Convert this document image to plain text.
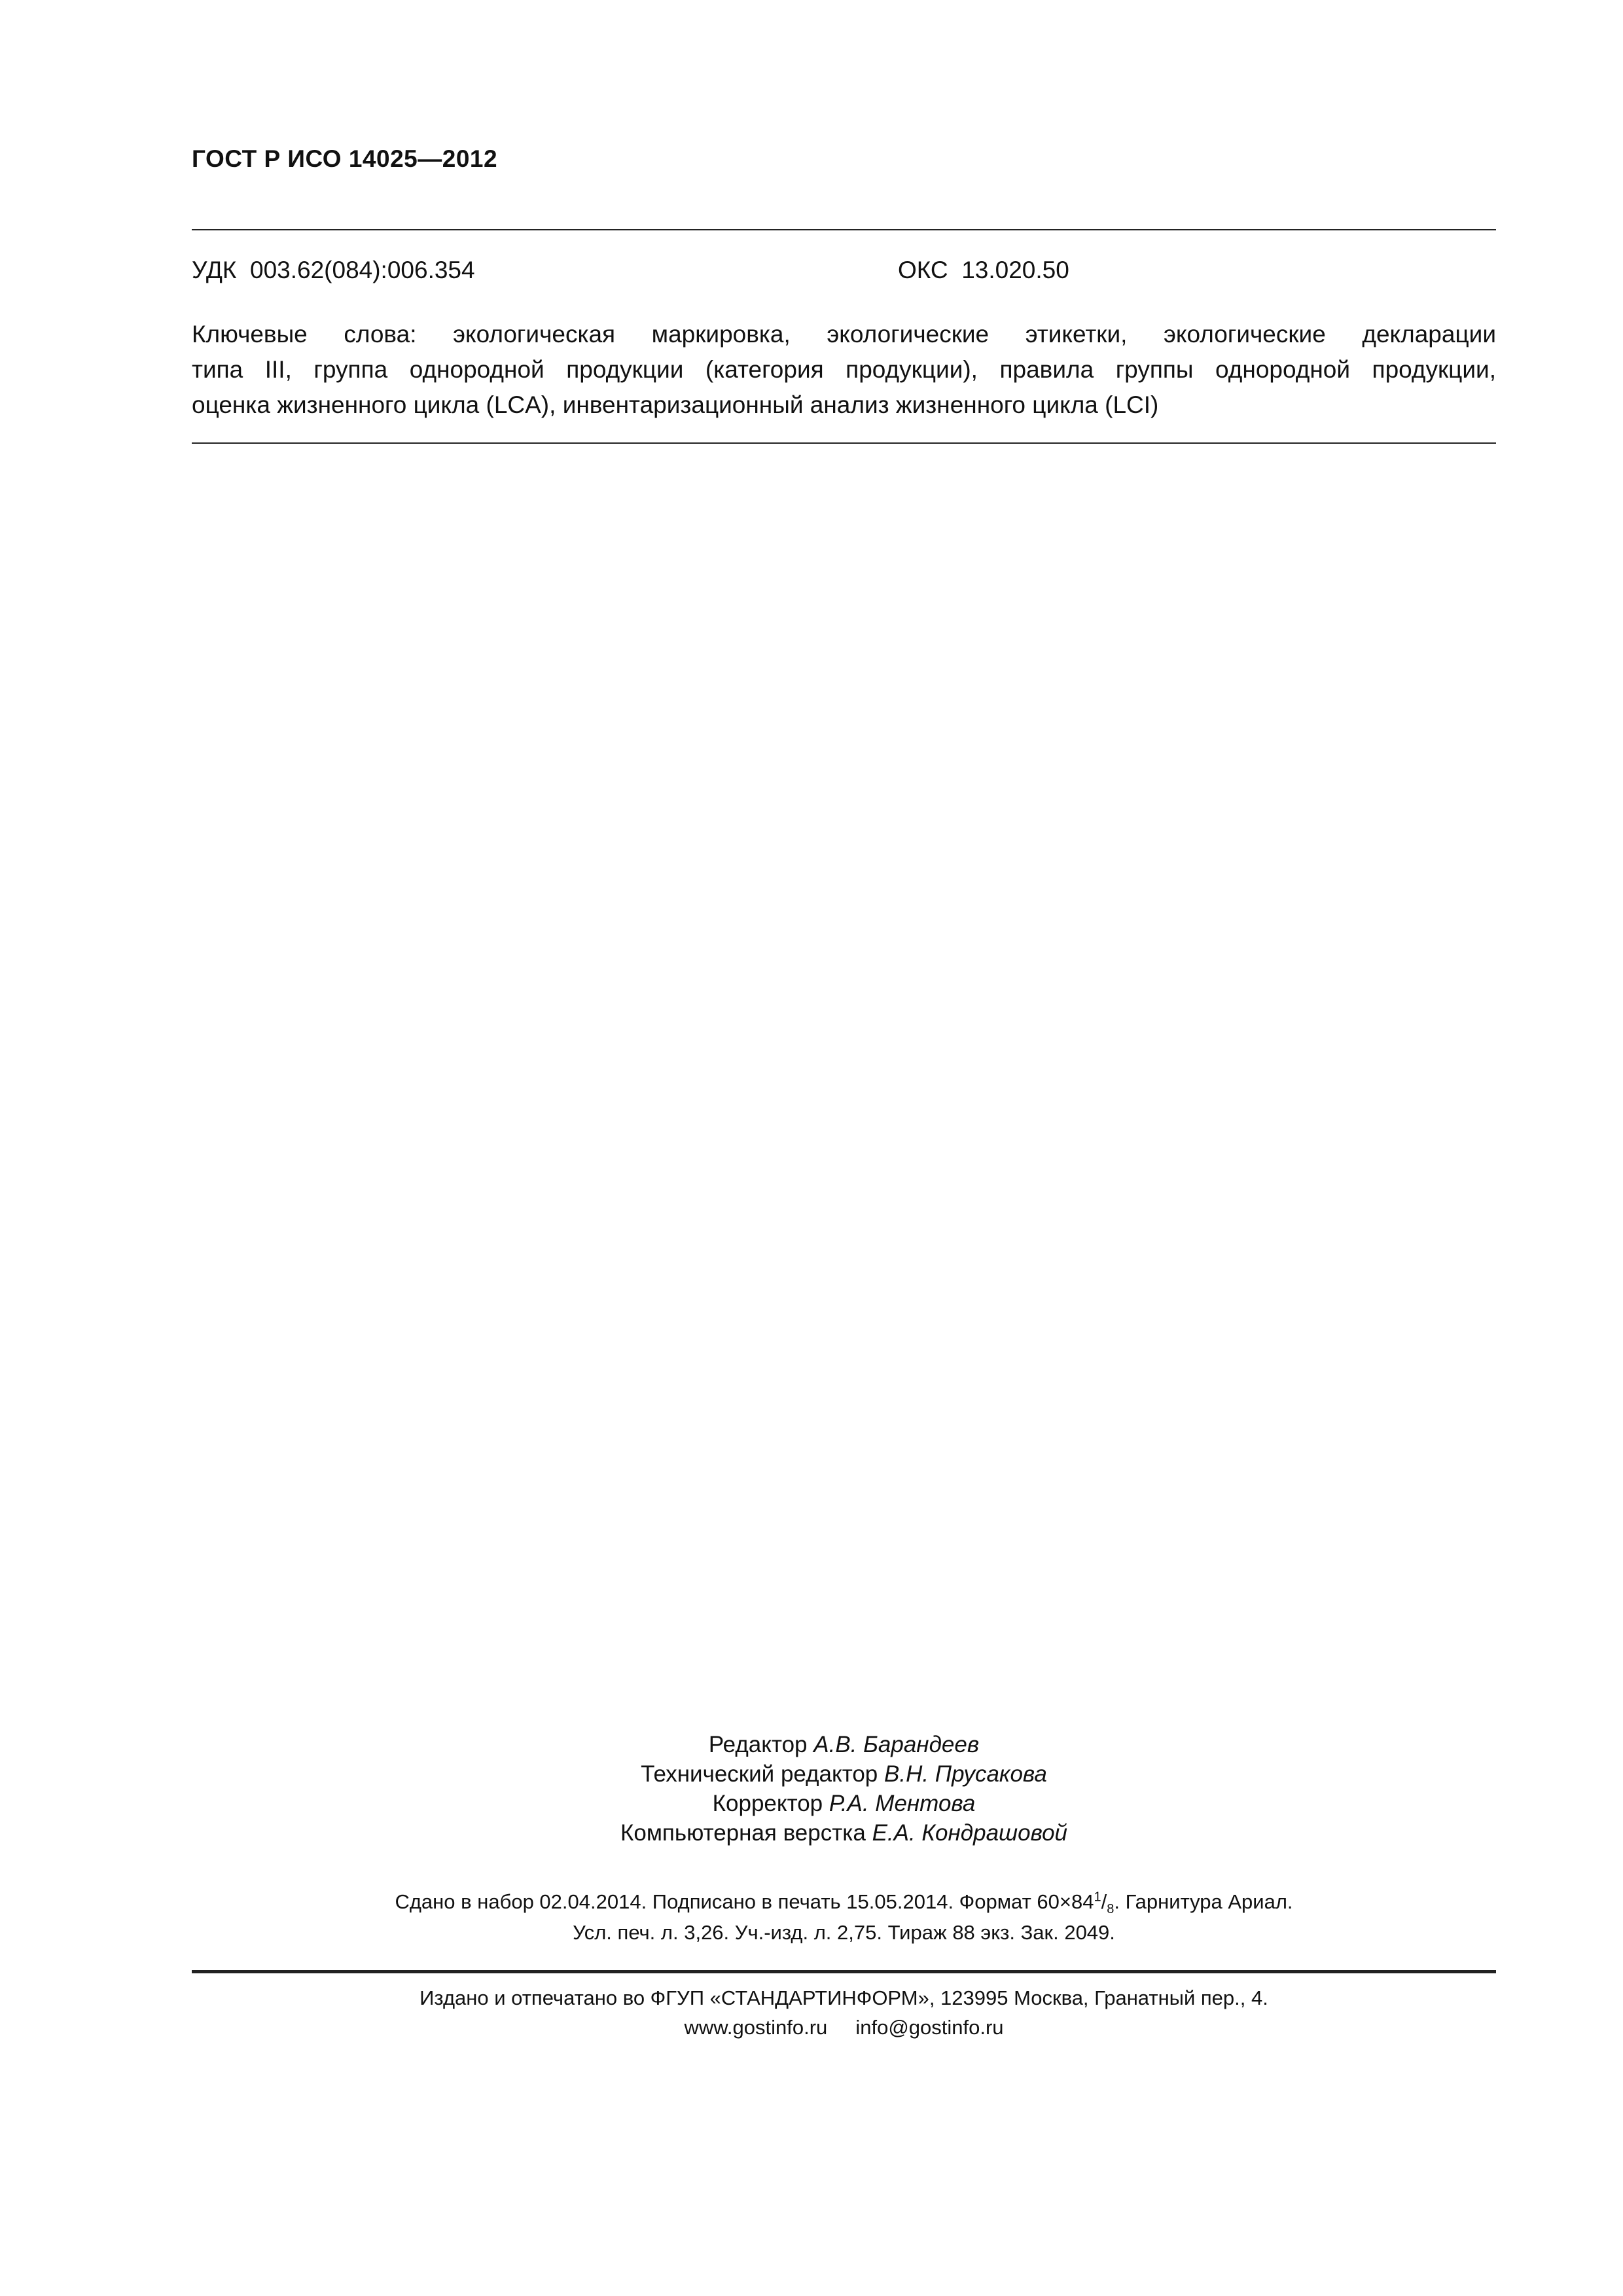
ГОСТ Р ИСО 14025—2012
УДК  003.62(084):006.354	ОКС  13.020.50
Ключевые слова: экологическая маркировка, экологические этикетки, экологические декларации
типа III, группа однородной продукции (категория продукции), правила группы однородной продукции,
оценка жизненного цикла (LCA), инвентаризационный анализ жизненного цикла (LCI)
Редактор А.В. Барандеев
Технический редактор В.Н. Прусакова
Корректор Р.А. Ментова
Компьютерная верстка Е.А. Кондрашовой
Сдано в набор 02.04.2014. Подписано в печать 15.05.2014. Формат $60\times 84^1/_8$. Гарнитура Ариал.
Усл. печ. л. 3,26. Уч.-изд. л. 2,75. Тираж 88 экз. Зак. 2049.
Издано и отпечатано во ФГУП «СТАНДАРТИНФОРМ», 123995 Москва, Гранатный пер., 4.
www.gostinfo.ru     info@gostinfo.ru
